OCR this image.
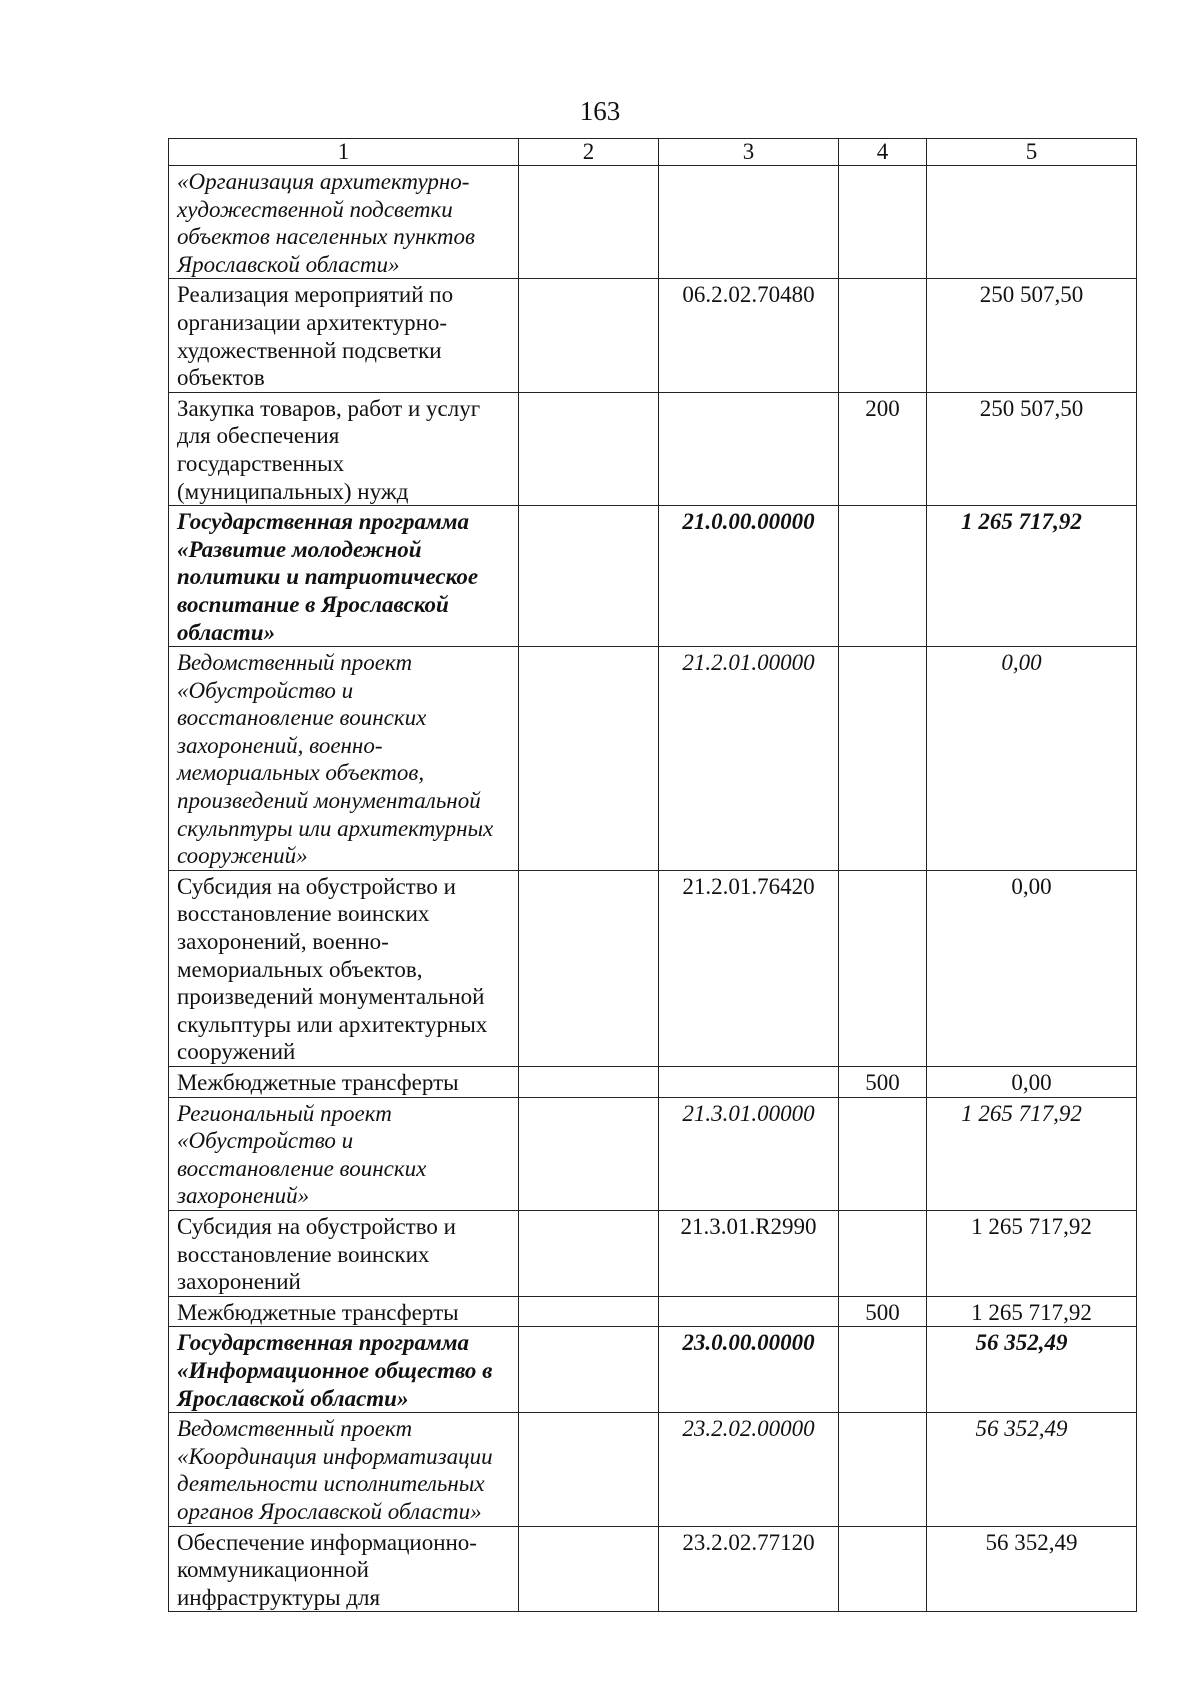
163
1	2	3	4	5
«Организация архитектурно-художественной подсветки объектов населенных пунктов Ярославской области»				
Реализация мероприятий по организации архитектурно-художественной подсветки объектов		06.2.02.70480		250 507,50
Закупка товаров, работ и услуг для обеспечения государственных (муниципальных) нужд			200	250 507,50
Государственная программа «Развитие молодежной политики и патриотическое воспитание в Ярославской области»		21.0.00.00000		1 265 717,92
Ведомственный проект «Обустройство и восстановление воинских захоронений, военно-мемориальных объектов, произведений монументальной скульптуры или архитектурных сооружений»		21.2.01.00000		0,00
Субсидия на обустройство и восстановление воинских захоронений, военно-мемориальных объектов, произведений монументальной скульптуры или архитектурных сооружений		21.2.01.76420		0,00
Межбюджетные трансферты			500	0,00
Региональный проект «Обустройство и восстановление воинских захоронений»		21.3.01.00000		1 265 717,92
Субсидия на обустройство и восстановление воинских захоронений		21.3.01.R2990		1 265 717,92
Межбюджетные трансферты			500	1 265 717,92
Государственная программа «Информационное общество в Ярославской области»		23.0.00.00000		56 352,49
Ведомственный проект «Координация информатизации деятельности исполнительных органов Ярославской области»		23.2.02.00000		56 352,49
Обеспечение информационно-коммуникационной инфраструктуры для		23.2.02.77120		56 352,49
